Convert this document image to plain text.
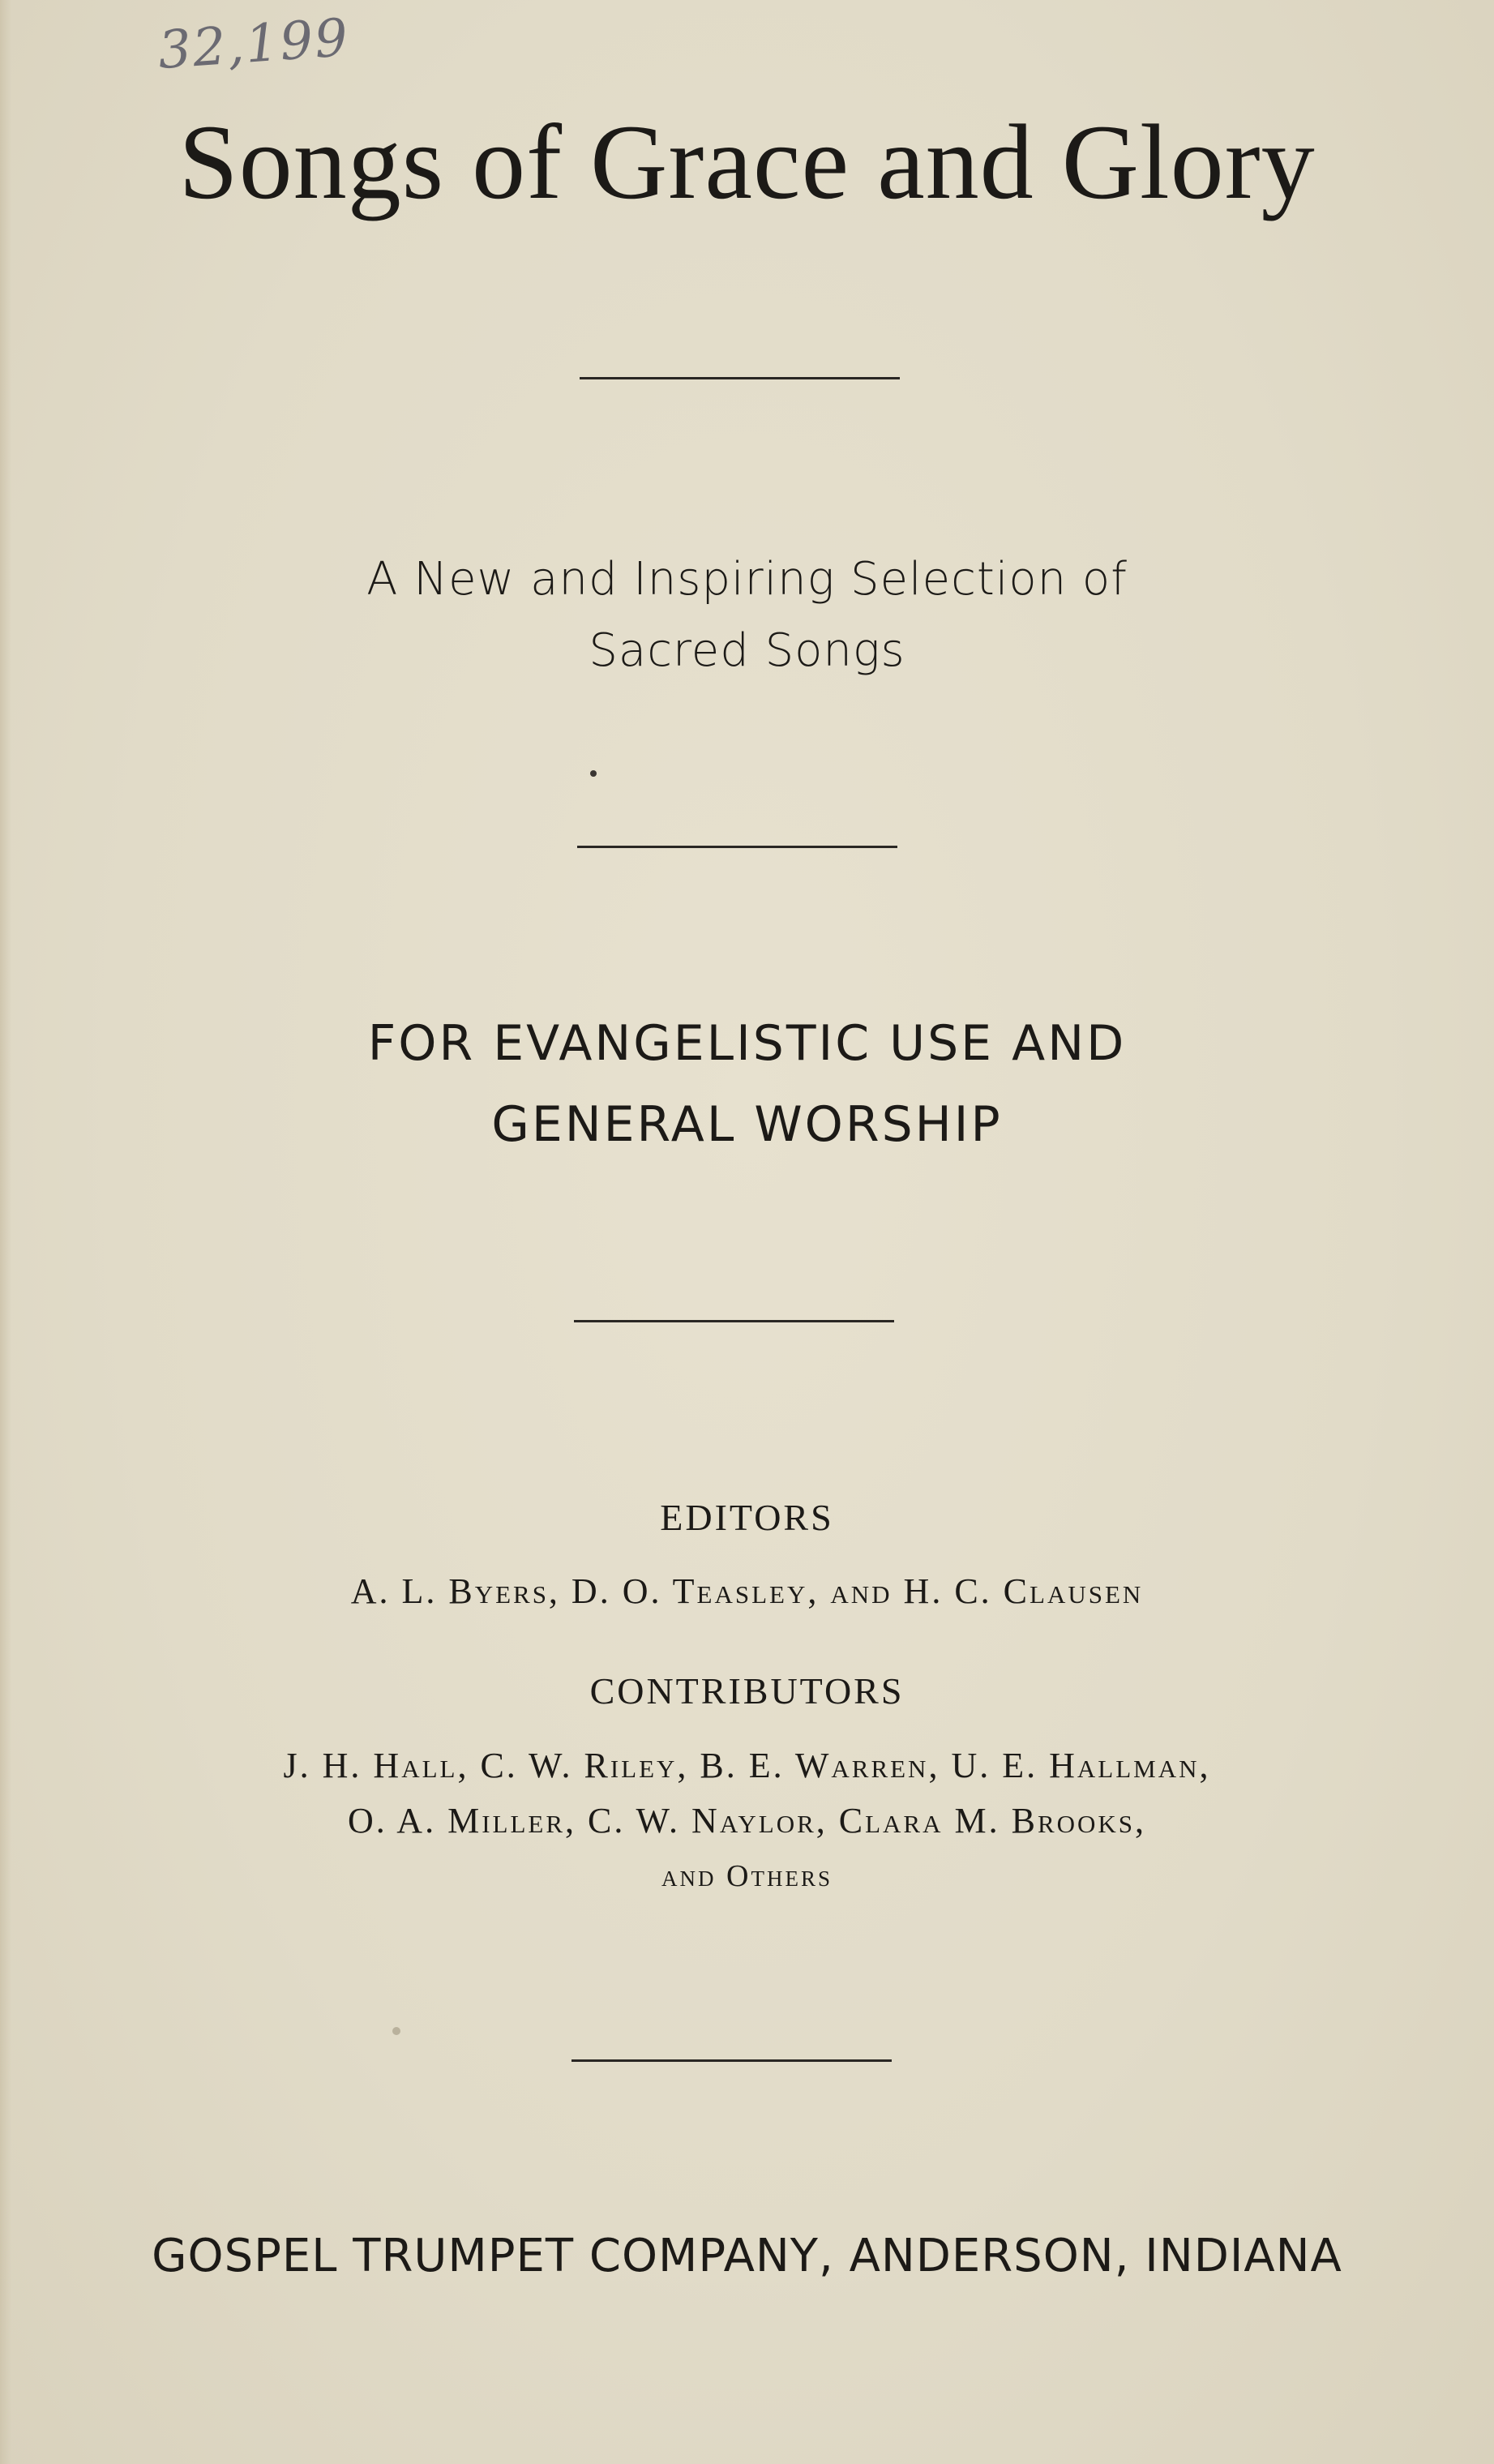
32,199
Songs of Grace and Glory
A New and Inspiring Selection of
Sacred Songs
FOR EVANGELISTIC USE AND
GENERAL WORSHIP
EDITORS
A. L. Byers, D. O. Teasley, and H. C. Clausen
CONTRIBUTORS
J. H. Hall, C. W. Riley, B. E. Warren, U. E. Hallman,
O. A. Miller, C. W. Naylor, Clara M. Brooks,
and Others
GOSPEL TRUMPET COMPANY, ANDERSON, INDIANA
